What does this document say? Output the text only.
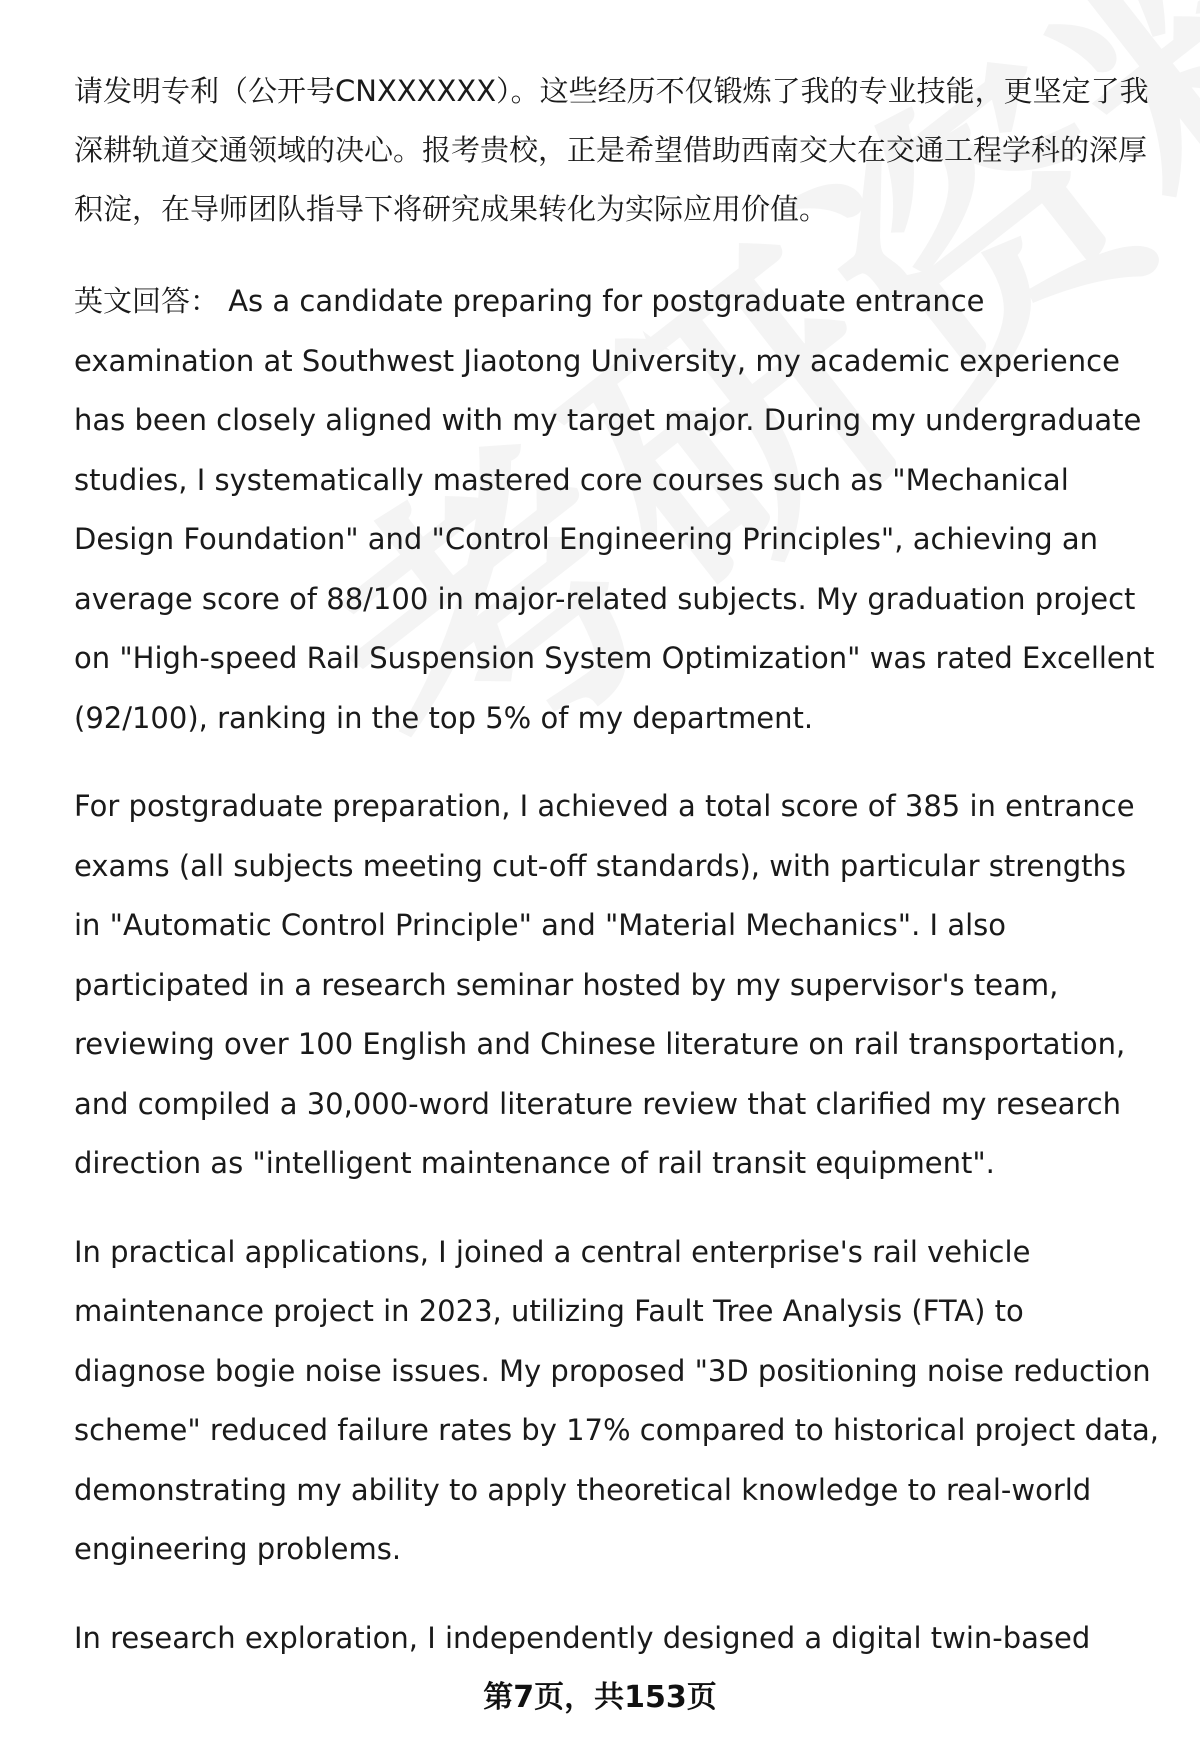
请发明专利（公开号CNXXXXXX）。这些经历不仅锻炼了我的专业技能，更坚定了我深耕轨道交通领域的决心。报考贵校，正是希望借助西南交大在交通工程学科的深厚积淀，在导师团队指导下将研究成果转化为实际应用价值。

英文回答： As a candidate preparing for postgraduate entrance examination at Southwest Jiaotong University, my academic experience has been closely aligned with my target major. During my undergraduate studies, I systematically mastered core courses such as "Mechanical Design Foundation" and "Control Engineering Principles", achieving an average score of 88/100 in major-related subjects. My graduation project on "High-speed Rail Suspension System Optimization" was rated Excellent (92/100), ranking in the top 5% of my department.

For postgraduate preparation, I achieved a total score of 385 in entrance exams (all subjects meeting cut-off standards), with particular strengths in "Automatic Control Principle" and "Material Mechanics". I also participated in a research seminar hosted by my supervisor's team, reviewing over 100 English and Chinese literature on rail transportation, and compiled a 30,000-word literature review that clarified my research direction as "intelligent maintenance of rail transit equipment".

In practical applications, I joined a central enterprise's rail vehicle maintenance project in 2023, utilizing Fault Tree Analysis (FTA) to diagnose bogie noise issues. My proposed "3D positioning noise reduction scheme" reduced failure rates by 17% compared to historical project data, demonstrating my ability to apply theoretical knowledge to real-world engineering problems.

In research exploration, I independently designed a digital twin-based

第7页，共153页
